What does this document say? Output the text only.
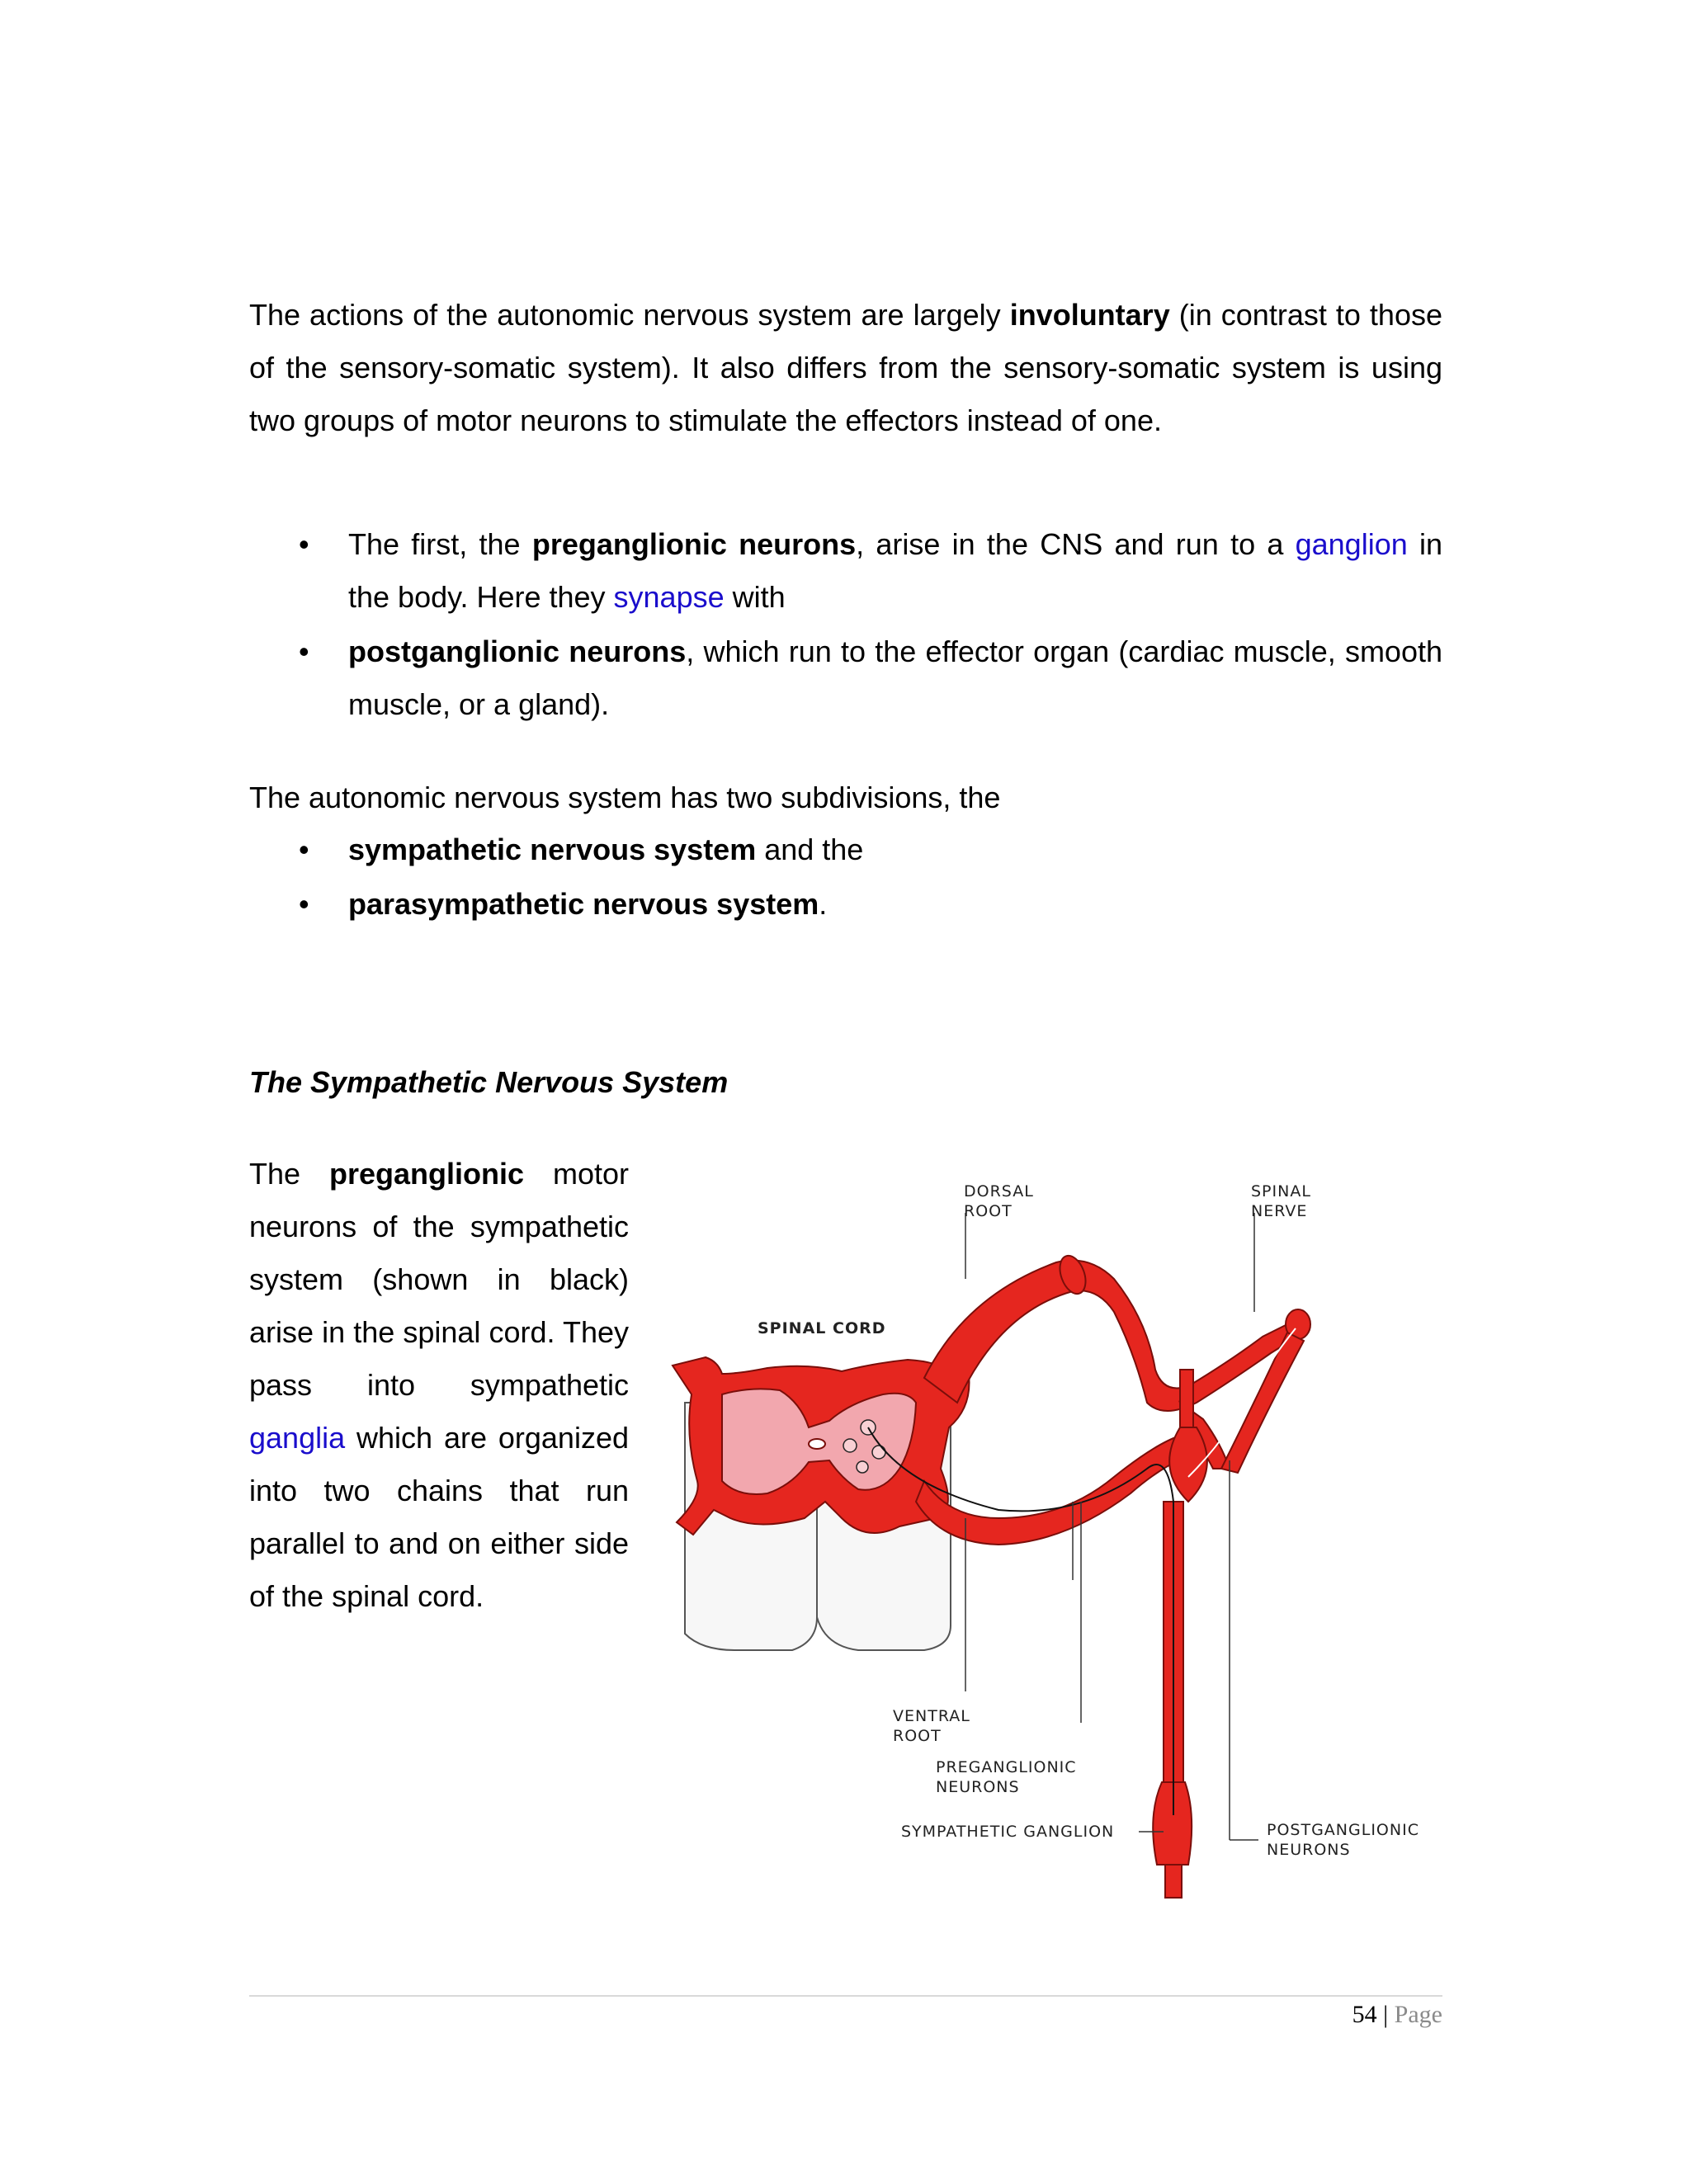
The actions of the autonomic nervous system are largely involuntary (in contrast to those of the sensory-somatic system). It also differs from the sensory-somatic system is using two groups of motor neurons to stimulate the effectors instead of one.

• The first, the preganglionic neurons, arise in the CNS and run to a ganglion in the body. Here they synapse with

• postganglionic neurons, which run to the effector organ (cardiac muscle, smooth muscle, or a gland).

The autonomic nervous system has two subdivisions, the

• sympathetic nervous system and the

• parasympathetic nervous system.

The Sympathetic Nervous System

The preganglionic motor neurons of the sympathetic system (shown in black) arise in the spinal cord. They pass into sympathetic ganglia which are organized into two chains that run parallel to and on either side of the spinal cord.

DORSAL
ROOT
SPINAL
NERVE
SPINAL CORD
VENTRAL
ROOT
PREGANGLIONIC
NEURONS
SYMPATHETIC GANGLION	POSTGANGLIONIC
NEURONS
54 | Page
